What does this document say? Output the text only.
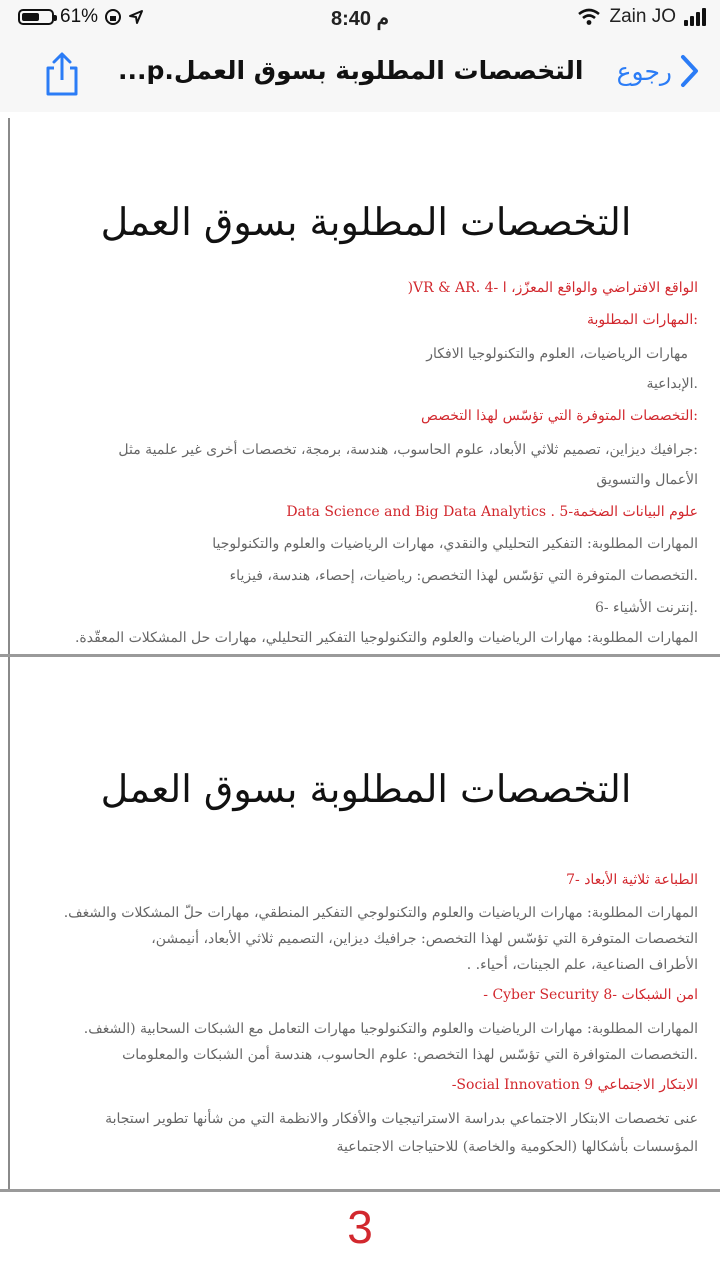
61%	8:40 م	Zain JO
التخصصات المطلوبة بسوق العمل.p... رجوع
التخصصات المطلوبة بسوق العمل
الواقع الافتراضي والواقع المعزّز، ا -4 .VR & AR(
:المهارات المطلوبة
مهارات الرياضيات، العلوم والتكنولوجيا الافكار
.الإبداعية
:التخصصات المتوفرة التي تؤسّس لهذا التخصص
:جرافيك ديزاين، تصميم ثلاثي الأبعاد، علوم الحاسوب، هندسة، برمجة، تخصصات أخرى غير علمية مثل
الأعمال والتسويق
علوم البيانات الضخمة-5 . Data Science and Big Data Analytics
المهارات المطلوبة: التفكير التحليلي والنقدي، مهارات الرياضيات والعلوم والتكنولوجيا
.التخصصات المتوفرة التي تؤسّس لهذا التخصص: رياضيات، إحصاء، هندسة، فيزياء
.إنترنت الأشياء -6
المهارات المطلوبة: مهارات الرياضيات والعلوم والتكنولوجيا التفكير التحليلي، مهارات حل المشكلات المعقّدة.
التخصصات المطلوبة بسوق العمل
الطباعة ثلاثية الأبعاد -7
المهارات المطلوبة: مهارات الرياضيات والعلوم والتكنولوجي التفكير المنطقي، مهارات حلّ المشكلات والشغف.
التخصصات المتوفرة التي تؤسّس لهذا التخصص: جرافيك ديزاين، التصميم ثلاثي الأبعاد، أنيمشن،
الأطراف الصناعية، علم الجينات، أحياء. .
امن الشبكات -8 Cyber Security -
المهارات المطلوبة: مهارات الرياضيات والعلوم والتكنولوجيا مهارات التعامل مع الشبكات السحابية (الشغف.
.التخصصات المتوافرة التي تؤسّس لهذا التخصص: علوم الحاسوب، هندسة أمن الشبكات والمعلومات
الابتكار الاجتماعي Social Innovation 9-
عنى تخصصات الابتكار الاجتماعي بدراسة الاستراتيجيات والأفكار والانظمة التي من شأنها تطوير استجابة
المؤسسات بأشكالها (الحكومية والخاصة) للاحتياجات الاجتماعية
3
